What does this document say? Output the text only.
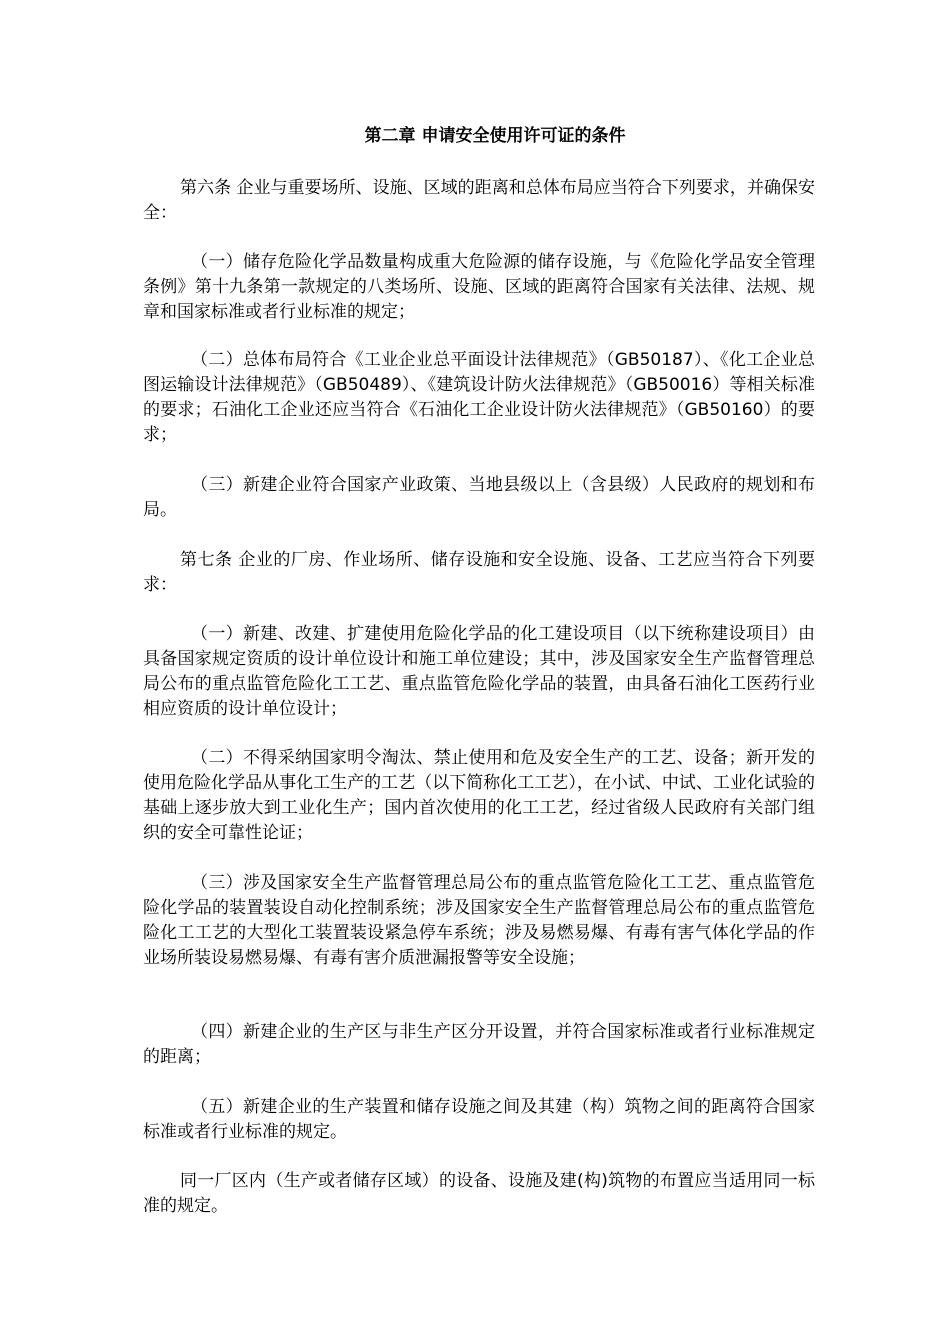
第二章 申请安全使用许可证的条件

第六条 企业与重要场所、设施、区域的距离和总体布局应当符合下列要求，并确保安全：

（一）储存危险化学品数量构成重大危险源的储存设施，与《危险化学品安全管理条例》第十九条第一款规定的八类场所、设施、区域的距离符合国家有关法律、法规、规章和国家标准或者行业标准的规定；

（二）总体布局符合《工业企业总平面设计法律规范》（GB50187）、《化工企业总图运输设计法律规范》（GB50489）、《建筑设计防火法律规范》（GB50016）等相关标准的要求；石油化工企业还应当符合《石油化工企业设计防火法律规范》（GB50160）的要求；

（三）新建企业符合国家产业政策、当地县级以上（含县级）人民政府的规划和布局。

第七条 企业的厂房、作业场所、储存设施和安全设施、设备、工艺应当符合下列要求：

（一）新建、改建、扩建使用危险化学品的化工建设项目（以下统称建设项目）由具备国家规定资质的设计单位设计和施工单位建设；其中，涉及国家安全生产监督管理总局公布的重点监管危险化工工艺、重点监管危险化学品的装置，由具备石油化工医药行业相应资质的设计单位设计；

（二）不得采纳国家明令淘汰、禁止使用和危及安全生产的工艺、设备；新开发的使用危险化学品从事化工生产的工艺（以下简称化工工艺），在小试、中试、工业化试验的基础上逐步放大到工业化生产；国内首次使用的化工工艺，经过省级人民政府有关部门组织的安全可靠性论证；

（三）涉及国家安全生产监督管理总局公布的重点监管危险化工工艺、重点监管危险化学品的装置装设自动化控制系统；涉及国家安全生产监督管理总局公布的重点监管危险化工工艺的大型化工装置装设紧急停车系统；涉及易燃易爆、有毒有害气体化学品的作业场所装设易燃易爆、有毒有害介质泄漏报警等安全设施；

（四）新建企业的生产区与非生产区分开设置，并符合国家标准或者行业标准规定的距离；

（五）新建企业的生产装置和储存设施之间及其建（构）筑物之间的距离符合国家标准或者行业标准的规定。

同一厂区内（生产或者储存区域）的设备、设施及建(构)筑物的布置应当适用同一标准的规定。
